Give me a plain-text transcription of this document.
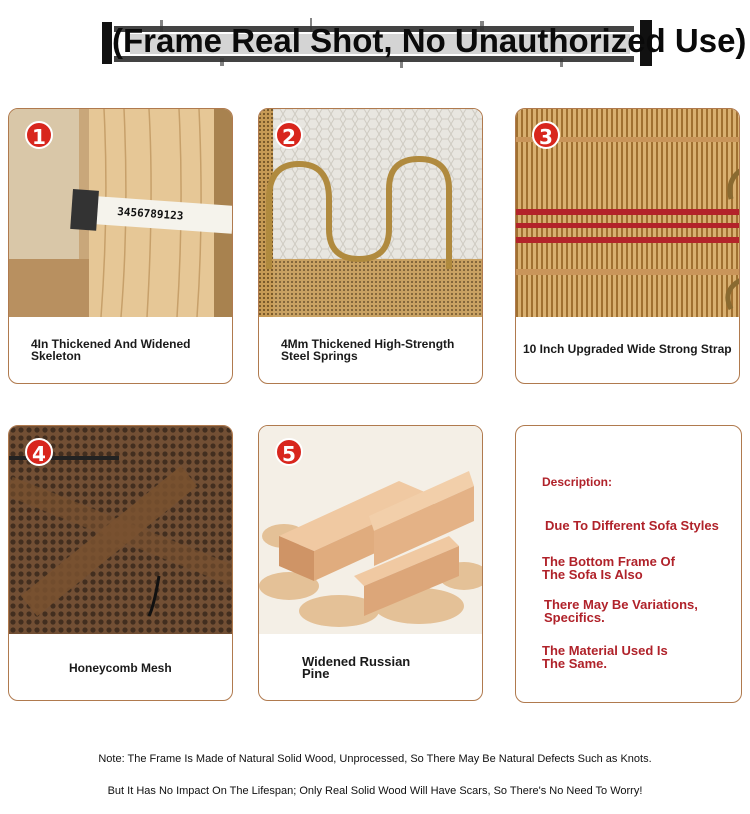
(Frame Real Shot, No Unauthorized Use)
3456789123
1
4In Thickened And Widened Skeleton
2
4Mm Thickened High-Strength Steel Springs
3
10 Inch Upgraded Wide Strong Strap
4
Honeycomb Mesh
5
Widened Russian Pine
Description:
Due To Different Sofa Styles
The Bottom Frame Of The Sofa Is Also
There May Be Variations, Specifics.
The Material Used Is The Same.
Note: The Frame Is Made of Natural Solid Wood, Unprocessed, So There May Be Natural Defects Such as Knots.
But It Has No Impact On The Lifespan; Only Real Solid Wood Will Have Scars, So There's No Need To Worry!
